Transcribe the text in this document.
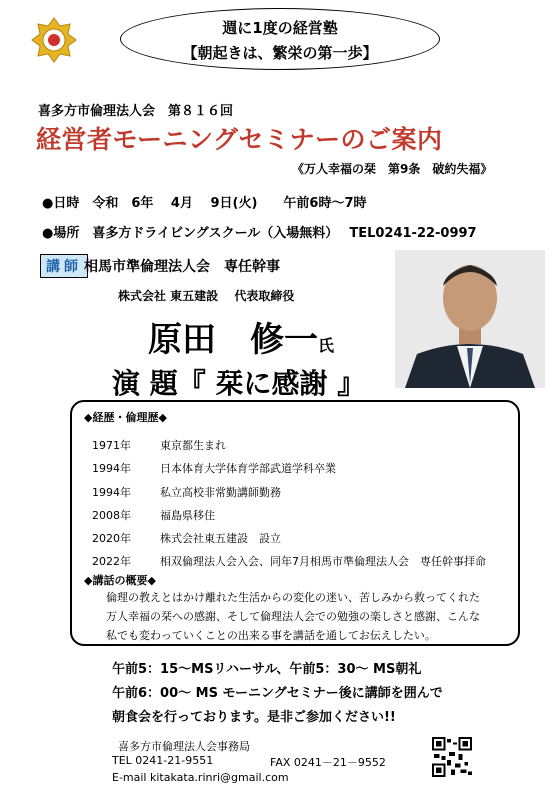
週に1度の経営塾
【朝起きは、繁栄の第一歩】
喜多方市倫理法人会　第８１６回
経営者モーニングセミナーのご案内
《万人幸福の栞　第9条　破約失福》
●日時　令和　6年　 4月　 9日(火)　　午前6時～7時
●場所　喜多方ドライビングスクール（入場無料）　 TEL0241-22-0997
講師 相馬市準倫理法人会　専任幹事
株式会社 東五建設　 代表取締役
原田　修一氏
演 題『 栞に感謝 』
◆経歴・倫理歴◆
1971年	東京都生まれ
1994年	日本体育大学体育学部武道学科卒業
1994年	私立高校非常勤講師勤務
2008年	福島県移住
2020年	株式会社東五建設　設立
2022年	相双倫理法人会入会、同年7月相馬市準倫理法人会　専任幹事拝命
◆講話の概要◆

倫理の教えとはかけ離れた生活からの変化の迷い、苦しみから救ってくれた

万人幸福の栞への感謝、そして倫理法人会での勉強の楽しさと感謝、こんな

私でも変わっていくことの出来る事を講話を通してお伝えしたい。

午前5：15～MSリハーサル、午前5：30～ MS朝礼
午前6：00～ MS モーニングセミナー後に講師を囲んで
朝食会を行っております。是非ご参加ください!!
喜多方市倫理法人会事務局
TEL 0241-21-9551	FAX 0241－21－9552
E-mail kitakata.rinri@gmail.com
